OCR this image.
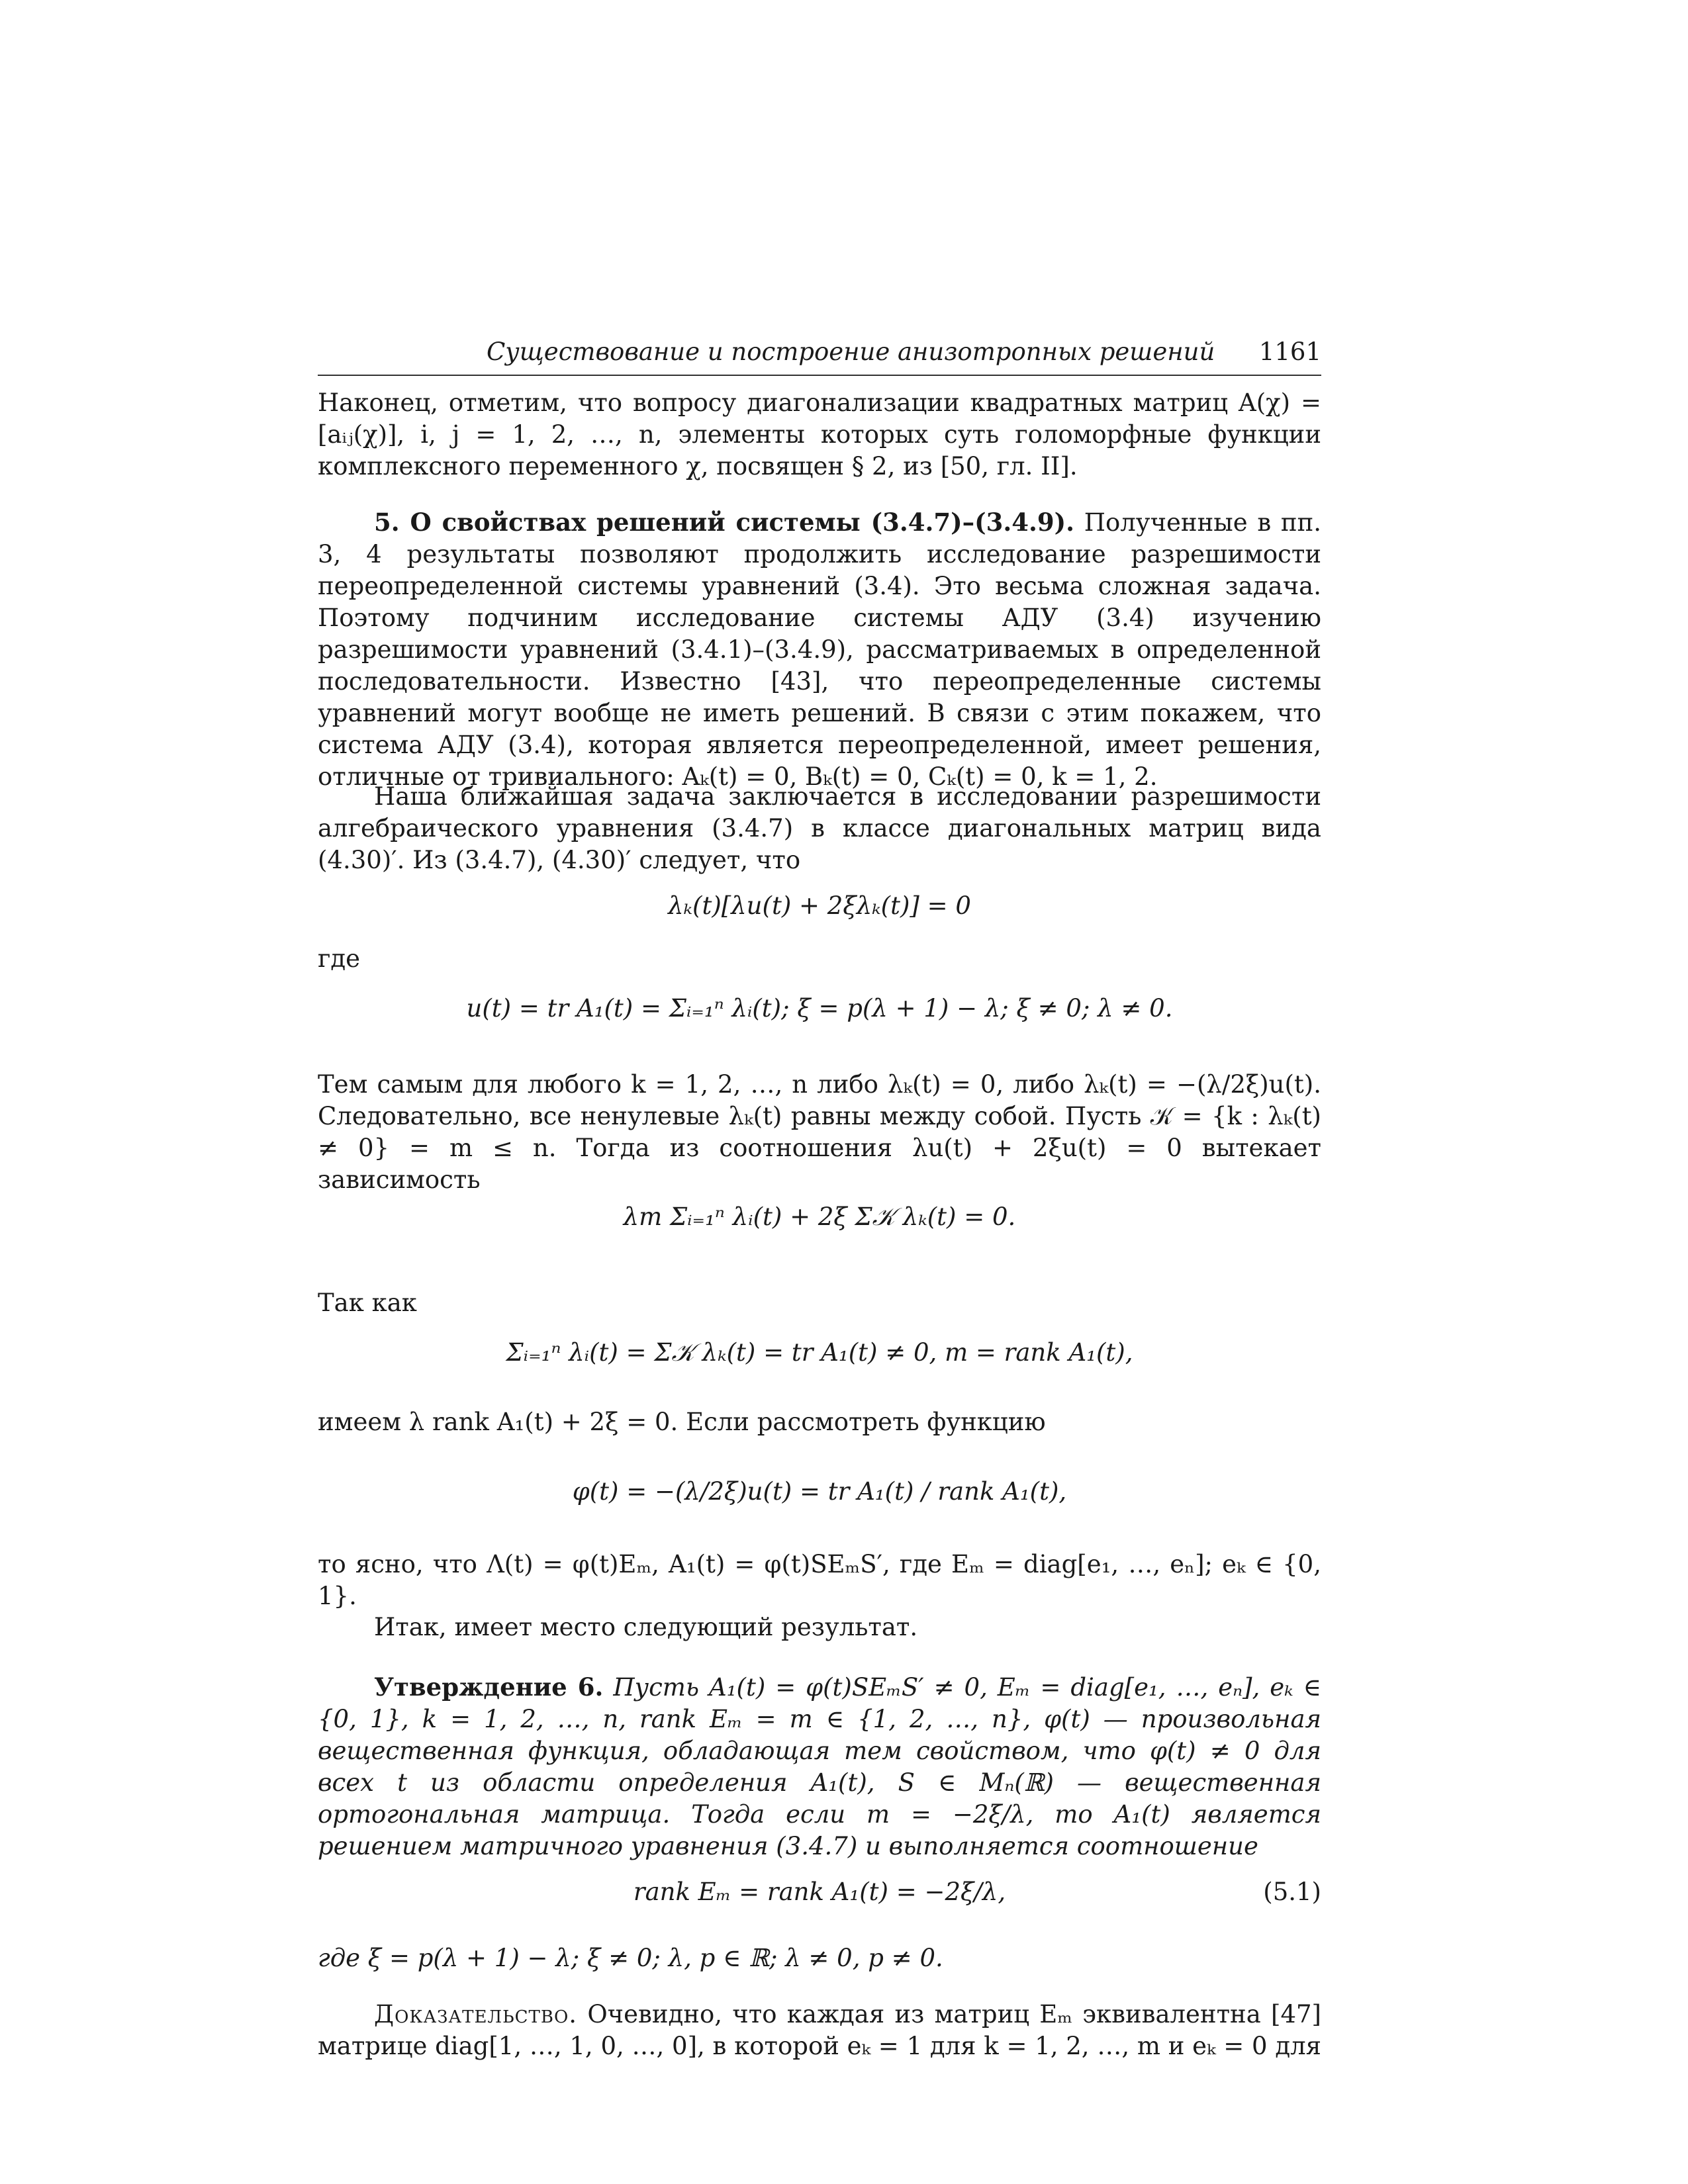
Существование и построение анизотропных решений 1161

Наконец, отметим, что вопросу диагонализации квадратных матриц A(χ) = [aᵢⱼ(χ)], i, j = 1, 2, …, n, элементы которых суть голоморфные функции комплексного переменного χ, посвящен § 2, из [50, гл. II].

5. О свойствах решений системы (3.4.7)–(3.4.9). Полученные в пп. 3, 4 результаты позволяют продолжить исследование разрешимости переопределенной системы уравнений (3.4). Это весьма сложная задача. Поэтому подчиним исследование системы АДУ (3.4) изучению разрешимости уравнений (3.4.1)–(3.4.9), рассматриваемых в определенной последовательности. Известно [43], что переопределенные системы уравнений могут вообще не иметь решений. В связи с этим покажем, что система АДУ (3.4), которая является переопределенной, имеет решения, отличные от тривиального: Aₖ(t) = 0, Bₖ(t) = 0, Cₖ(t) = 0, k = 1, 2.

Наша ближайшая задача заключается в исследовании разрешимости алгебраического уравнения (3.4.7) в классе диагональных матриц вида (4.30)′. Из (3.4.7), (4.30)′ следует, что

λₖ(t)[λu(t) + 2ξλₖ(t)] = 0
где
u(t) = tr A₁(t) = Σᵢ₌₁ⁿ λᵢ(t); ξ = p(λ + 1) − λ; ξ ≠ 0; λ ≠ 0.

Тем самым для любого k = 1, 2, …, n либо λₖ(t) = 0, либо λₖ(t) = −(λ/2ξ)u(t). Следовательно, все ненулевые λₖ(t) равны между собой. Пусть 𝒦 = {k : λₖ(t) ≠ 0} = m ≤ n. Тогда из соотношения λu(t) + 2ξu(t) = 0 вытекает зависимость

λm Σᵢ₌₁ⁿ λᵢ(t) + 2ξ Σ𝒦 λₖ(t) = 0.
Так как
Σᵢ₌₁ⁿ λᵢ(t) = Σ𝒦 λₖ(t) = tr A₁(t) ≠ 0, m = rank A₁(t),

имеем λ rank A₁(t) + 2ξ = 0. Если рассмотреть функцию

φ(t) = −(λ/2ξ)u(t) = tr A₁(t) / rank A₁(t),

то ясно, что Λ(t) = φ(t)Eₘ, A₁(t) = φ(t)SEₘS′, где Eₘ = diag[e₁, …, eₙ]; eₖ ∈ {0, 1}.

Итак, имеет место следующий результат.

Утверждение 6. Пусть A₁(t) = φ(t)SEₘS′ ≠ 0, Eₘ = diag[e₁, …, eₙ], eₖ ∈ {0, 1}, k = 1, 2, …, n, rank Eₘ = m ∈ {1, 2, …, n}, φ(t) — произвольная вещественная функция, обладающая тем свойством, что φ(t) ≠ 0 для всех t из области определения A₁(t), S ∈ Mₙ(ℝ) — вещественная ортогональная матрица. Тогда если m = −2ξ/λ, то A₁(t) является решением матричного уравнения (3.4.7) и выполняется соотношение

rank Eₘ = rank A₁(t) = −2ξ/λ,	(5.1)

где ξ = p(λ + 1) − λ; ξ ≠ 0; λ, p ∈ ℝ; λ ≠ 0, p ≠ 0.

Доказательство. Очевидно, что каждая из матриц Eₘ эквивалентна [47] матрице diag[1, …, 1, 0, …, 0], в которой eₖ = 1 для k = 1, 2, …, m и eₖ = 0 для
